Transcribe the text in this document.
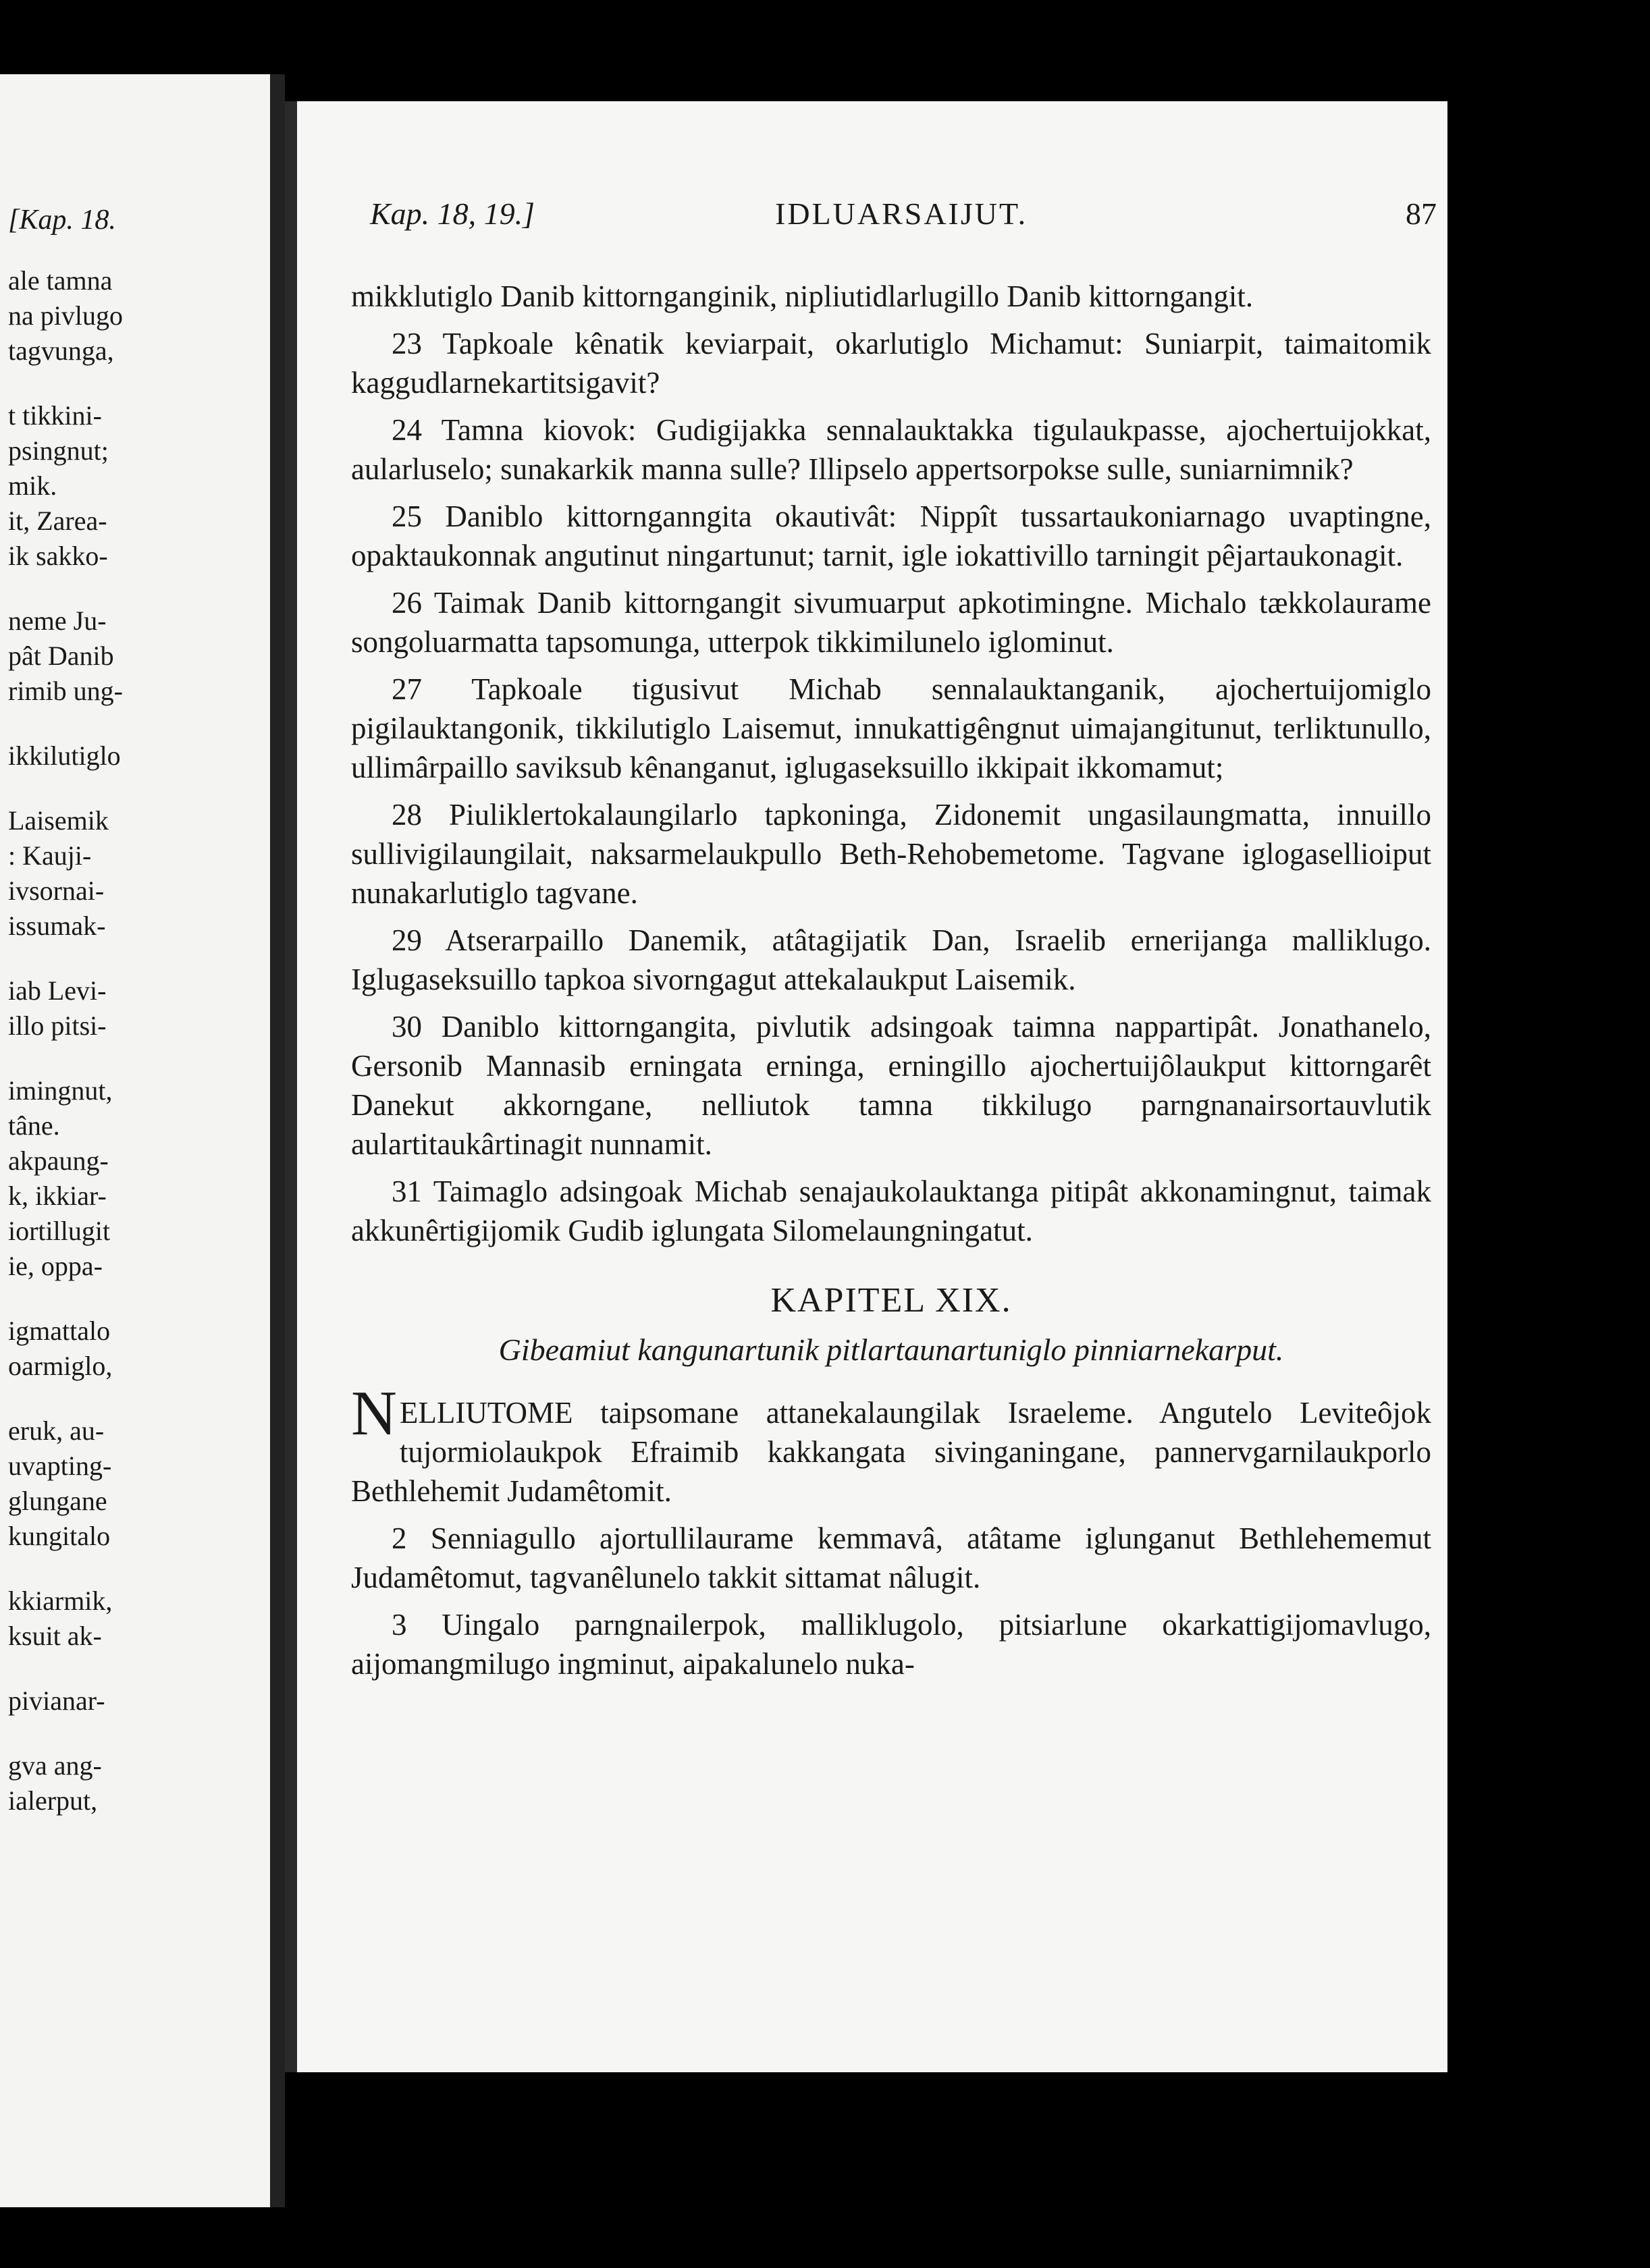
[Kap. 18.
ale tamna
na pivlugo
tagvunga,
t tikkini-
psingnut;
mik.
it, Zarea-
ik sakko-
neme Ju-
pât Danib
rimib ung-
ikkilutiglo
Laisemik
: Kauji-
ivsornai-
issumak-
iab Levi-
illo pitsi-
imingnut,
tâne.
akpaung-
k, ikkiar-
iortillugit
ie, oppa-
igmattalo
oarmiglo,
eruk, au-
uvapting-
glungane
kungitalo
kkiarmik,
ksuit ak-
pivianar-
gva ang-
ialerput,
Kap. 18, 19.]	IDLUARSAIJUT.	87

mikklutiglo Danib kittornganginik, nipliutidlarlugillo Danib kittorngangit.

23 Tapkoale kênatik keviarpait, okarlutiglo Michamut: Suniarpit, taimaitomik kaggudlarnekartitsigavit?

24 Tamna kiovok: Gudigijakka sennalauktakka tigulaukpasse, ajochertuijokkat, aularluselo; sunakarkik manna sulle? Illipselo appertsorpokse sulle, suniarnimnik?

25 Daniblo kittornganngita okautivât: Nippît tussartaukoniarnago uvaptingne, opaktaukonnak angutinut ningartunut; tarnit, igle iokattivillo tarningit pêjartaukonagit.

26 Taimak Danib kittorngangit sivumuarput apkotimingne. Michalo tækkolaurame songoluarmatta tapsomunga, utterpok tikkimilunelo iglominut.

27 Tapkoale tigusivut Michab sennalauktanganik, ajochertuijomiglo pigilauktangonik, tikkilutiglo Laisemut, innukattigêngnut uimajangitunut, terliktunullo, ullimârpaillo saviksub kênanganut, iglugaseksuillo ikkipait ikkomamut;

28 Piuliklertokalaungilarlo tapkoninga, Zidonemit ungasilaungmatta, innuillo sullivigilaungilait, naksarmelaukpullo Beth-Rehobemetome. Tagvane iglogasellioiput nunakarlutiglo tagvane.

29 Atserarpaillo Danemik, atâtagijatik Dan, Israelib ernerijanga malliklugo. Iglugaseksuillo tapkoa sivorngagut attekalaukput Laisemik.

30 Daniblo kittorngangita, pivlutik adsingoak taimna nappartipât. Jonathanelo, Gersonib Mannasib erningata erninga, erningillo ajochertuijôlaukput kittorngarêt Danekut akkorngane, nelliutok tamna tikkilugo parngnanairsortauvlutik aulartitaukârtinagit nunnamit.

31 Taimaglo adsingoak Michab senajaukolauktanga pitipât akkonamingnut, taimak akkunêrtigijomik Gudib iglungata Silomelaungningatut.

KAPITEL XIX.
Gibeamiut kangunartunik pitlartaunartuniglo pinniarnekarput.

NELLIUTOME taipsomane attanekalaungilak Israeleme. Angutelo Leviteôjok tujormiolaukpok Efraimib kakkangata sivinganingane, pannervgarnilaukporlo Bethlehemit Judamêtomit.

2 Senniagullo ajortullilaurame kemmavâ, atâtame iglunganut Bethlehememut Judamêtomut, tagvanêlunelo takkit sittamat nâlugit.

3 Uingalo parngnailerpok, malliklugolo, pitsiarlune okarkattigijomavlugo, aijomangmilugo ingminut, aipakalunelo nuka-
